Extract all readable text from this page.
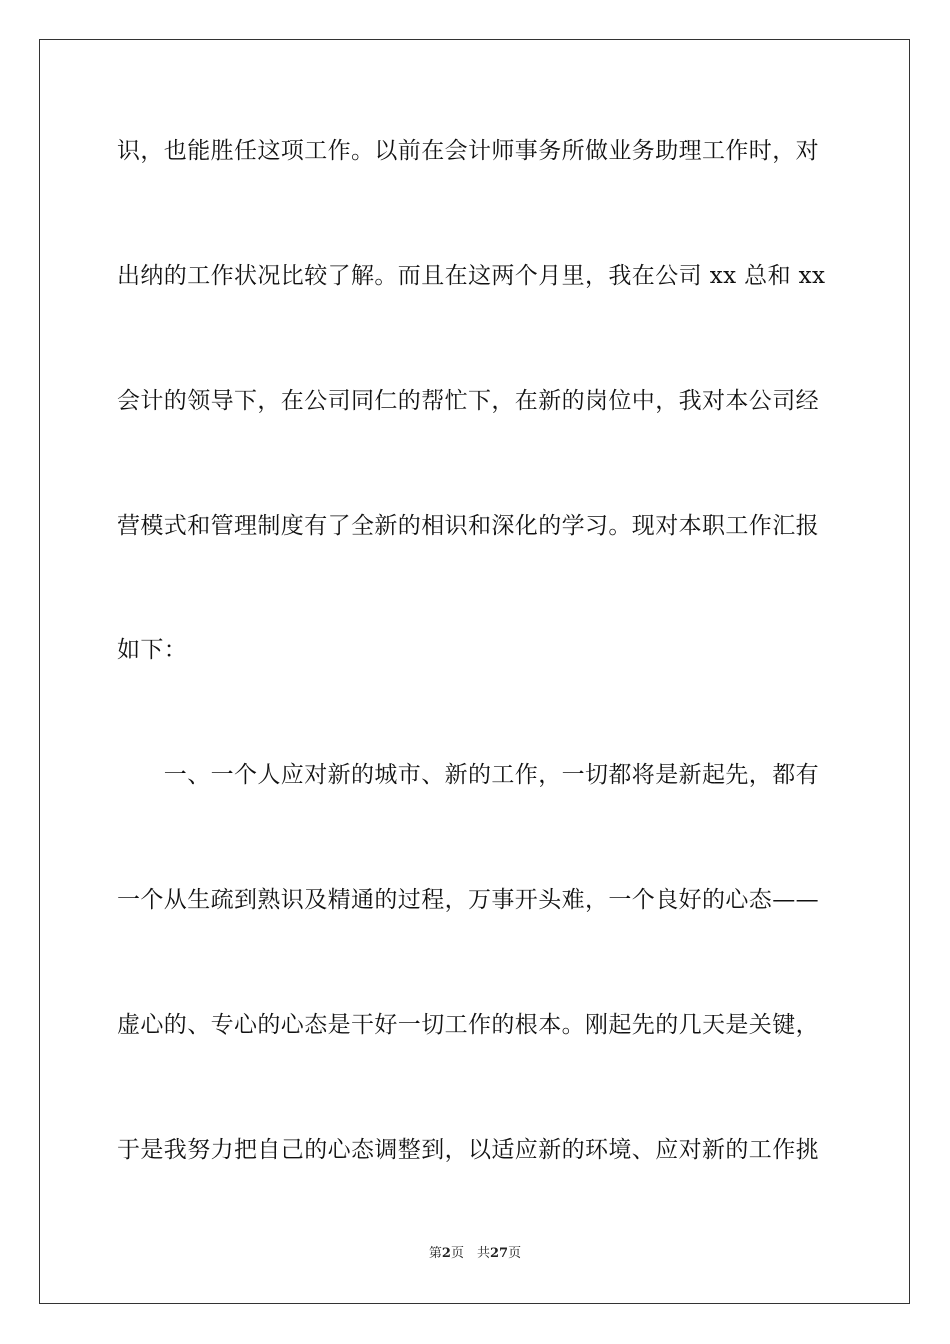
识，也能胜任这项工作。以前在会计师事务所做业务助理工作时，对
出纳的工作状况比较了解。而且在这两个月里，我在公司 xx 总和 xx
会计的领导下，在公司同仁的帮忙下，在新的岗位中，我对本公司经
营模式和管理制度有了全新的相识和深化的学习。现对本职工作汇报
如下：
　　一、一个人应对新的城市、新的工作，一切都将是新起先，都有
一个从生疏到熟识及精通的过程，万事开头难，一个良好的心态——
虚心的、专心的心态是干好一切工作的根本。刚起先的几天是关键，
于是我努力把自己的心态调整到，以适应新的环境、应对新的工作挑
第2页　共27页
